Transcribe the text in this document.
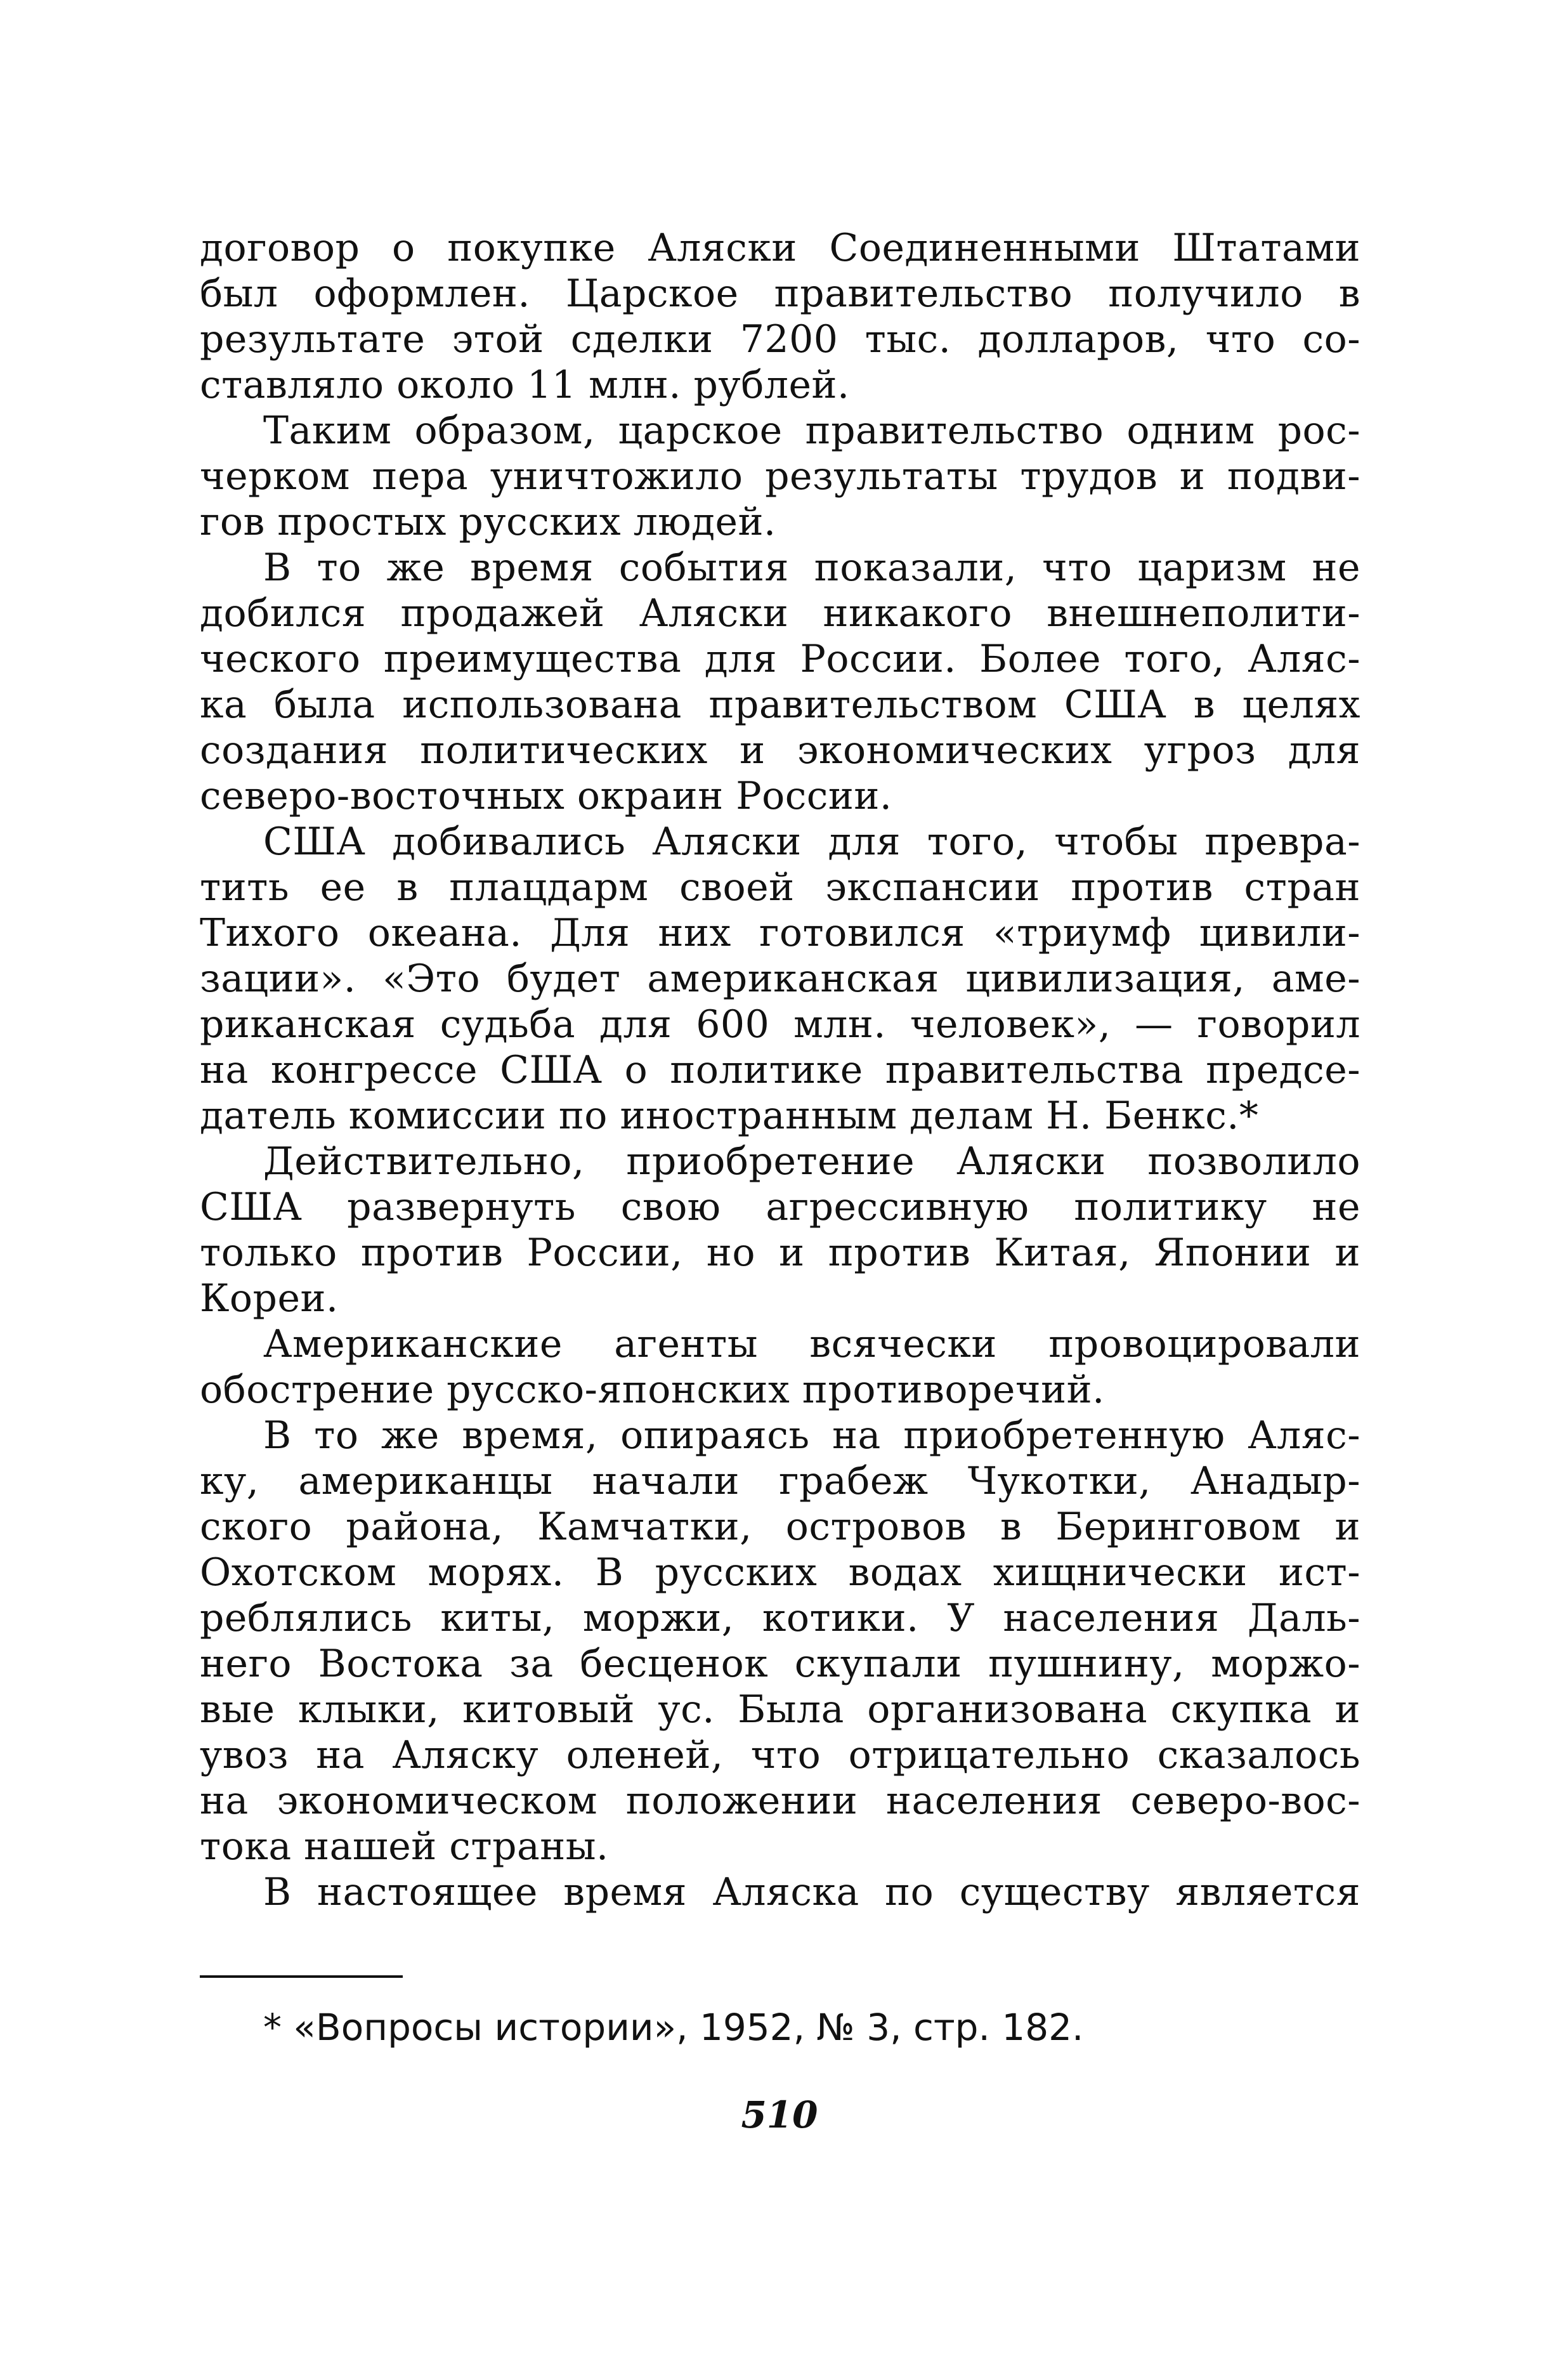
договор о покупке Аляски Соединенными Штатами
был оформлен. Царское правительство получило в
результате этой сделки 7200 тыс. долларов, что со-
ставляло около 11 млн. рублей.
Таким образом, царское правительство одним рос-
черком пера уничтожило результаты трудов и подви-
гов простых русских людей.
В то же время события показали, что царизм не
добился продажей Аляски никакого внешнеполити-
ческого преимущества для России. Более того, Аляс-
ка была использована правительством США в целях
создания политических и экономических угроз для
северо-восточных окраин России.
США добивались Аляски для того, чтобы превра-
тить ее в плацдарм своей экспансии против стран
Тихого океана. Для них готовился «триумф цивили-
зации». «Это будет американская цивилизация, аме-
риканская судьба для 600 млн. человек», — говорил
на конгрессе США о политике правительства предсе-
датель комиссии по иностранным делам Н. Бенкс.*
Действительно, приобретение Аляски позволило
США развернуть свою агрессивную политику не
только против России, но и против Китая, Японии и
Кореи.
Американские агенты всячески провоцировали
обострение русско-японских противоречий.
В то же время, опираясь на приобретенную Аляс-
ку, американцы начали грабеж Чукотки, Анадыр-
ского района, Камчатки, островов в Беринговом и
Охотском морях. В русских водах хищнически ист-
реблялись киты, моржи, котики. У населения Даль-
него Востока за бесценок скупали пушнину, моржо-
вые клыки, китовый ус. Была организована скупка и
увоз на Аляску оленей, что отрицательно сказалось
на экономическом положении населения северо-вос-
тока нашей страны.
В настоящее время Аляска по существу является
* «Вопросы истории», 1952, № 3, стр. 182.
510
